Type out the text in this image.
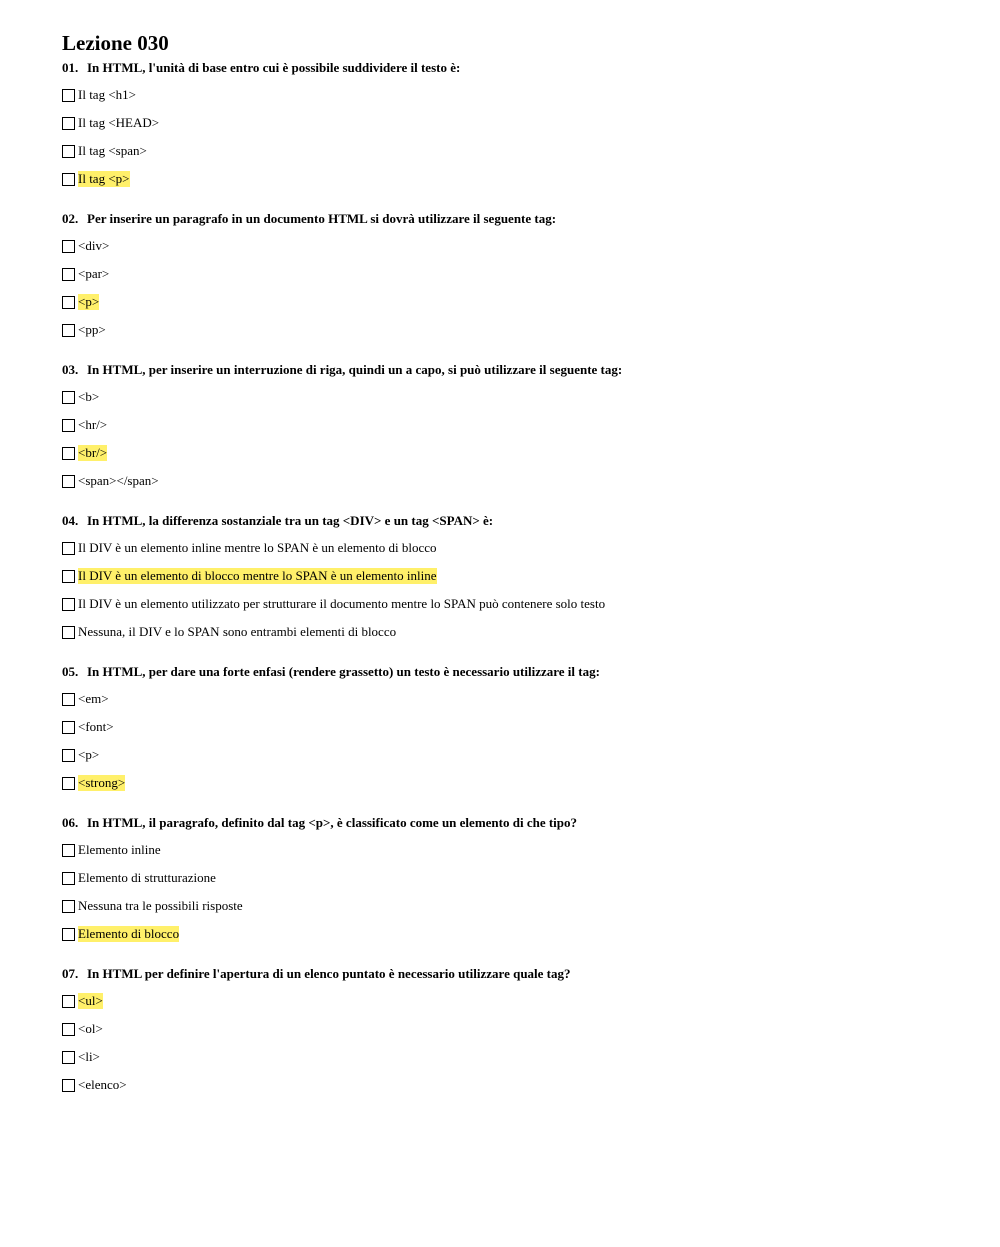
Lezione 030
01. In HTML, l'unità di base entro cui è possibile suddividere il testo è:
Il tag <h1>
Il tag <HEAD>
Il tag <span>
Il tag <p>
02. Per inserire un paragrafo in un documento HTML si dovrà utilizzare il seguente tag:
<div>
<par>
<p>
<pp>
03. In HTML, per inserire un interruzione di riga, quindi un a capo, si può utilizzare il seguente tag:
<b>
<hr/>
<br/>
<span></span>
04. In HTML, la differenza sostanziale tra un tag <DIV> e un tag <SPAN> è:
Il DIV è un elemento inline mentre lo SPAN è un elemento di blocco
Il DIV è un elemento di blocco mentre lo SPAN è un elemento inline
Il DIV è un elemento utilizzato per strutturare il documento mentre lo SPAN può contenere solo testo
Nessuna, il DIV e lo SPAN sono entrambi elementi di blocco
05. In HTML, per dare una forte enfasi (rendere grassetto) un testo è necessario utilizzare il tag:
<em>
<font>
<p>
<strong>
06. In HTML, il paragrafo, definito dal tag <p>, è classificato come un elemento di che tipo?
Elemento inline
Elemento di strutturazione
Nessuna tra le possibili risposte
Elemento di blocco
07. In HTML per definire l'apertura di un elenco puntato è necessario utilizzare quale tag?
<ul>
<ol>
<li>
<elenco>
